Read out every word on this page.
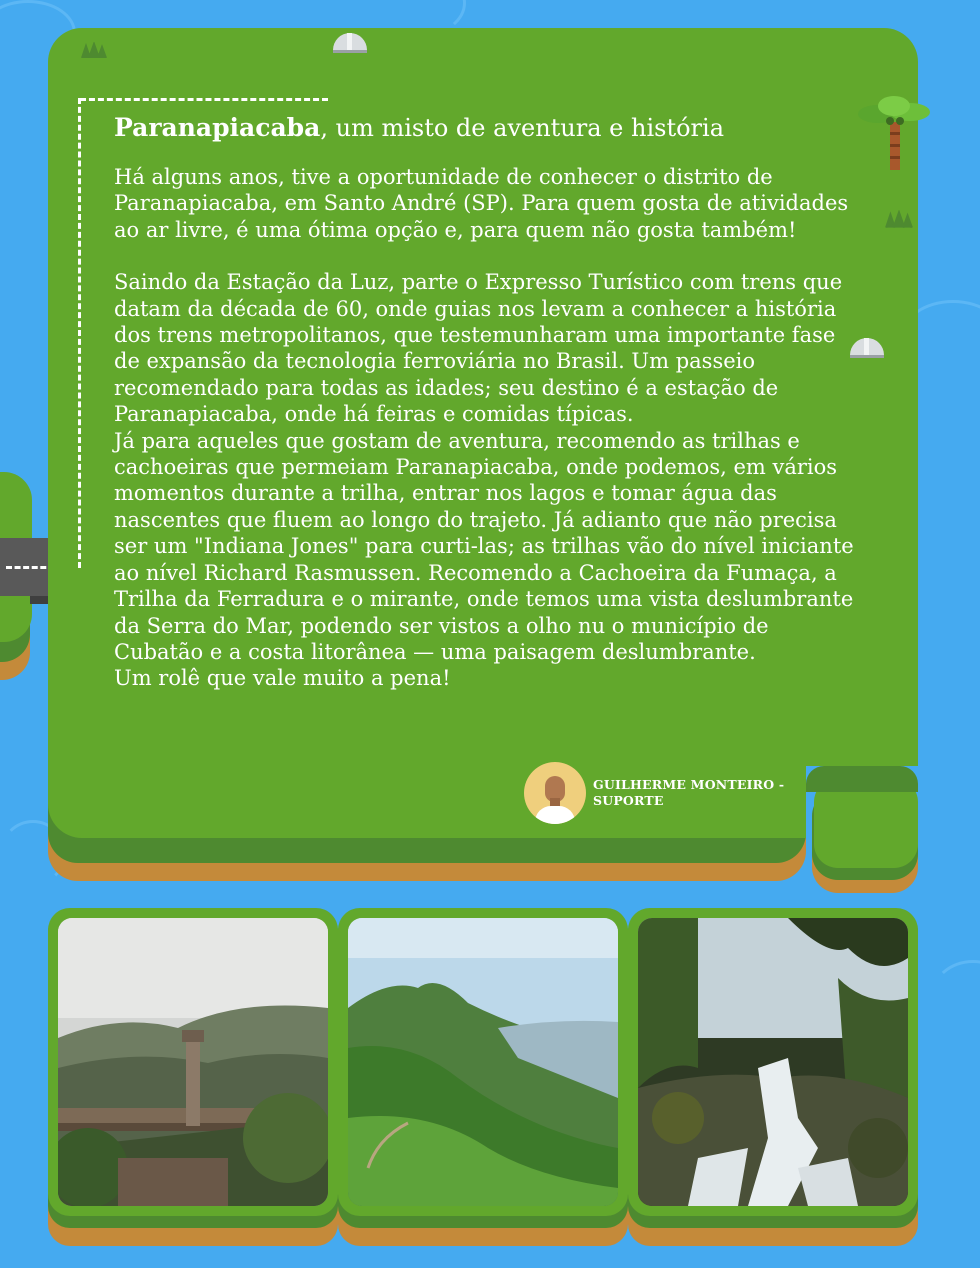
Paranapiacaba, um misto de aventura e história

Há alguns anos, tive a oportunidade de conhecer o distrito de Paranapiacaba, em Santo André (SP). Para quem gosta de atividades ao ar livre, é uma ótima opção e, para quem não gosta também!

Saindo da Estação da Luz, parte o Expresso Turístico com trens que datam da década de 60, onde guias nos levam a conhecer a história dos trens metropolitanos, que testemunharam uma importante fase de expansão da tecnologia ferroviária no Brasil. Um passeio recomendado para todas as idades; seu destino é a estação de Paranapiacaba, onde há feiras e comidas típicas.

Já para aqueles que gostam de aventura, recomendo as trilhas e cachoeiras que permeiam Paranapiacaba, onde podemos, em vários momentos durante a trilha, entrar nos lagos e tomar água das nascentes que fluem ao longo do trajeto. Já adianto que não precisa ser um "Indiana Jones" para curti-las; as trilhas vão do nível iniciante ao nível Richard Rasmussen. Recomendo a Cachoeira da Fumaça, a Trilha da Ferradura e o mirante, onde temos uma vista deslumbrante da Serra do Mar, podendo ser vistos a olho nu o município de Cubatão e a costa litorânea — uma paisagem deslumbrante.

Um rolê que vale muito a pena!

GUILHERME MONTEIRO - SUPORTE
